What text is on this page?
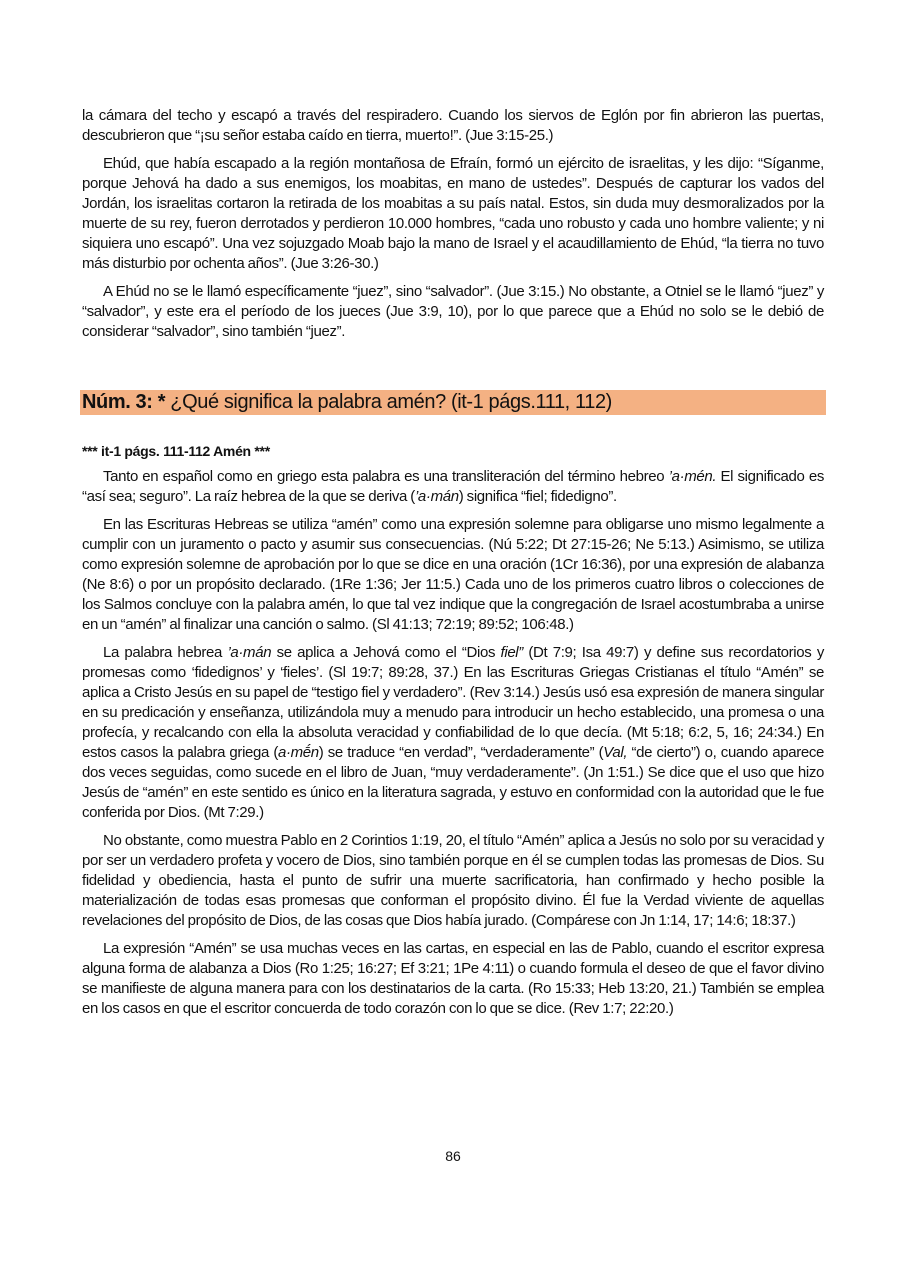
la cámara del techo y escapó a través del respiradero. Cuando los siervos de Eglón por fin abrieron las puertas, descubrieron que “¡su señor estaba caído en tierra, muerto!”. (Jue 3:15-25.)

Ehúd, que había escapado a la región montañosa de Efraín, formó un ejército de israelitas, y les dijo: “Síganme, porque Jehová ha dado a sus enemigos, los moabitas, en mano de ustedes”. Después de capturar los vados del Jordán, los israelitas cortaron la retirada de los moabitas a su país natal. Estos, sin duda muy desmoralizados por la muerte de su rey, fueron derrotados y perdieron 10.000 hombres, “cada uno robusto y cada uno hombre valiente; y ni siquiera uno escapó”. Una vez sojuzgado Moab bajo la mano de Israel y el acaudillamiento de Ehúd, “la tierra no tuvo más disturbio por ochenta años”. (Jue 3:26-30.)

A Ehúd no se le llamó específicamente “juez”, sino “salvador”. (Jue 3:15.) No obstante, a Otniel se le llamó “juez” y “salvador”, y este era el período de los jueces (Jue 3:9, 10), por lo que parece que a Ehúd no solo se le debió de considerar “salvador”, sino también “juez”.

Núm. 3: * ¿Qué significa la palabra amén? (it-1 págs.111, 112)
*** it-1 págs. 111-112 Amén ***

Tanto en español como en griego esta palabra es una transliteración del término hebreo ’a·mén. El significado es “así sea; seguro”. La raíz hebrea de la que se deriva (’a·mán) significa “fiel; fidedigno”.

En las Escrituras Hebreas se utiliza “amén” como una expresión solemne para obligarse uno mismo legalmente a cumplir con un juramento o pacto y asumir sus consecuencias. (Nú 5:22; Dt 27:15-26; Ne 5:13.) Asimismo, se utiliza como expresión solemne de aprobación por lo que se dice en una oración (1Cr 16:36), por una expresión de alabanza (Ne 8:6) o por un propósito declarado. (1Re 1:36; Jer 11:5.) Cada uno de los primeros cuatro libros o colecciones de los Salmos concluye con la palabra amén, lo que tal vez indique que la congregación de Israel acostumbraba a unirse en un “amén” al finalizar una canción o salmo. (Sl 41:13; 72:19; 89:52; 106:48.)

La palabra hebrea ’a·mán se aplica a Jehová como el “Dios fiel” (Dt 7:9; Isa 49:7) y define sus recordatorios y promesas como ‘fidedignos’ y ‘fieles’. (Sl 19:7; 89:28, 37.) En las Escrituras Griegas Cristianas el título “Amén” se aplica a Cristo Jesús en su papel de “testigo fiel y verdadero”. (Rev 3:14.) Jesús usó esa expresión de manera singular en su predicación y enseñanza, utilizándola muy a menudo para introducir un hecho establecido, una promesa o una profecía, y recalcando con ella la absoluta veracidad y confiabilidad de lo que decía. (Mt 5:18; 6:2, 5, 16; 24:34.) En estos casos la palabra griega (a·mḗn) se traduce “en verdad”, “verdaderamente” (Val, “de cierto”) o, cuando aparece dos veces seguidas, como sucede en el libro de Juan, “muy verdaderamente”. (Jn 1:51.) Se dice que el uso que hizo Jesús de “amén” en este sentido es único en la literatura sagrada, y estuvo en conformidad con la autoridad que le fue conferida por Dios. (Mt 7:29.)

No obstante, como muestra Pablo en 2 Corintios 1:19, 20, el título “Amén” aplica a Jesús no solo por su veracidad y por ser un verdadero profeta y vocero de Dios, sino también porque en él se cumplen todas las promesas de Dios. Su fidelidad y obediencia, hasta el punto de sufrir una muerte sacrificatoria, han confirmado y hecho posible la materialización de todas esas promesas que conforman el propósito divino. Él fue la Verdad viviente de aquellas revelaciones del propósito de Dios, de las cosas que Dios había jurado. (Compárese con Jn 1:14, 17; 14:6; 18:37.)

La expresión “Amén” se usa muchas veces en las cartas, en especial en las de Pablo, cuando el escritor expresa alguna forma de alabanza a Dios (Ro 1:25; 16:27; Ef 3:21; 1Pe 4:11) o cuando formula el deseo de que el favor divino se manifieste de alguna manera para con los destinatarios de la carta. (Ro 15:33; Heb 13:20, 21.) También se emplea en los casos en que el escritor concuerda de todo corazón con lo que se dice. (Rev 1:7; 22:20.)

86
